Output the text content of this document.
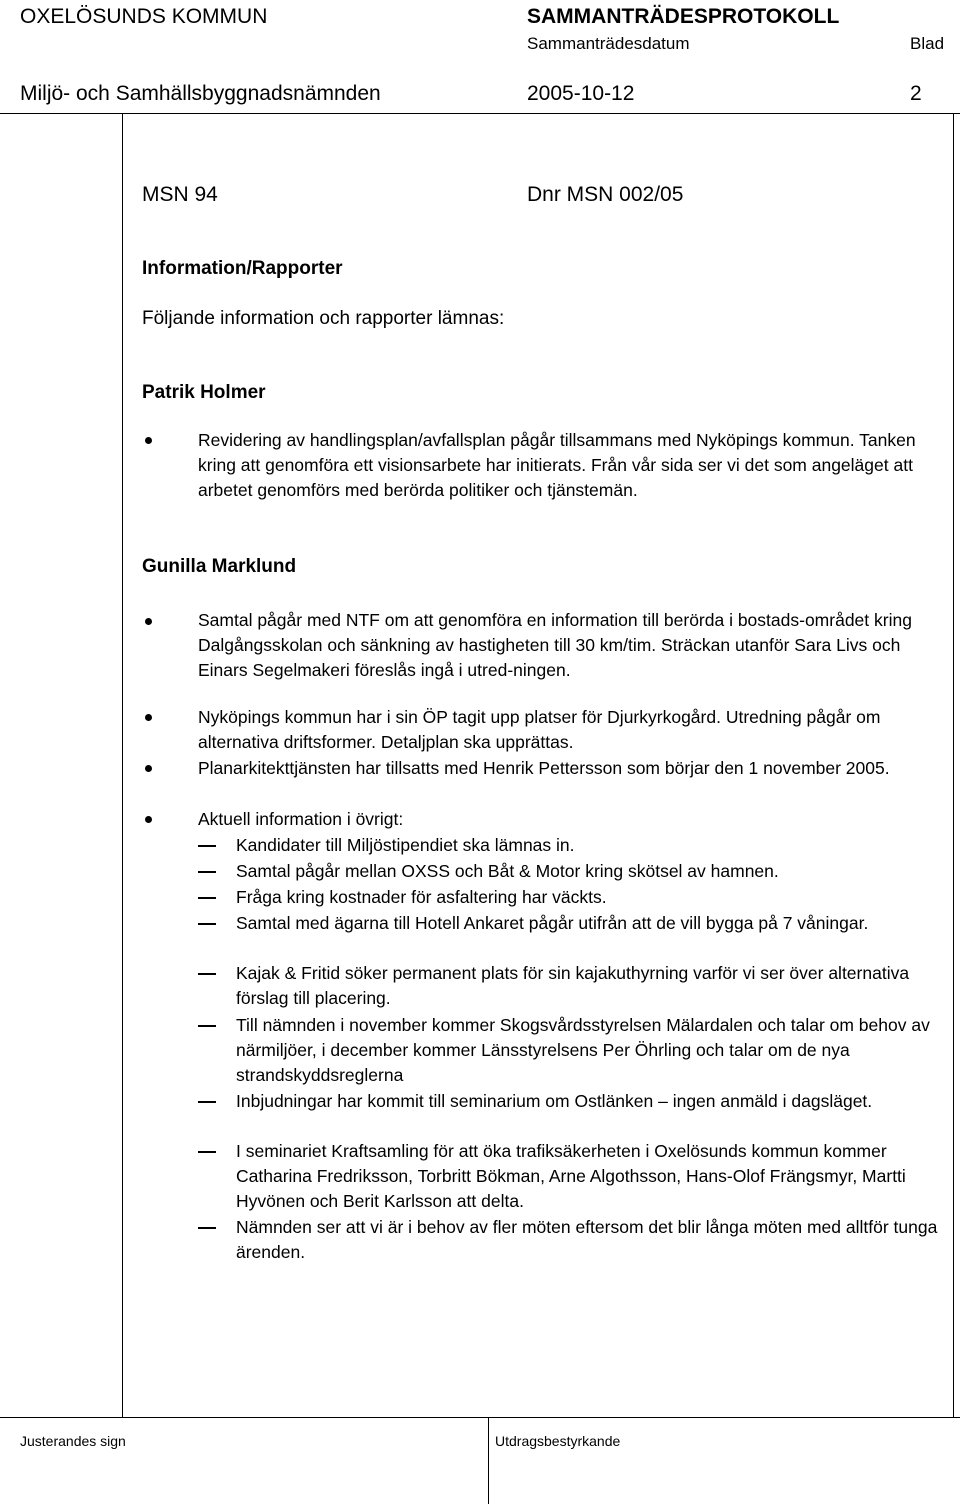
OXELÖSUNDS KOMMUN	SAMMANTRÄDESPROTOKOLL
Sammanträdesdatum	Blad
Miljö- och Samhällsbyggnadsnämnden	2005-10-12	2
MSN 94	Dnr MSN 002/05
Information/Rapporter
Följande information och rapporter lämnas:
Patrik Holmer
Revidering av handlingsplan/avfallsplan pågår tillsammans med Nyköpings kommun. Tanken kring att genomföra ett visionsarbete har initierats. Från vår sida ser vi det som angeläget att arbetet genomförs med berörda politiker och tjänstemän.
Gunilla Marklund
Samtal pågår med NTF om att genomföra en information till berörda i bostads-området kring Dalgångsskolan och sänkning av hastigheten till 30 km/tim. Sträckan utanför Sara Livs och Einars Segelmakeri föreslås ingå i utred-ningen.
Nyköpings kommun har i sin ÖP tagit upp platser för Djurkyrkogård. Utredning pågår om alternativa driftsformer. Detaljplan ska upprättas.
Planarkitekttjänsten har tillsatts med Henrik Pettersson som börjar den 1 november 2005.
Aktuell information i övrigt:
Kandidater till Miljöstipendiet ska lämnas in.
Samtal pågår mellan OXSS och Båt & Motor kring skötsel av hamnen.
Fråga kring kostnader för asfaltering har väckts.
Samtal med ägarna till Hotell Ankaret pågår utifrån att de vill bygga på 7 våningar.
Kajak & Fritid söker permanent plats för sin kajakuthyrning varför vi ser över alternativa förslag till placering.
Till nämnden i november kommer Skogsvårdsstyrelsen Mälardalen och talar om behov av närmiljöer, i december kommer Länsstyrelsens Per Öhrling och talar om de nya strandskyddsreglerna
Inbjudningar har kommit till seminarium om Ostlänken – ingen anmäld i dagsläget.
I seminariet Kraftsamling för att öka trafiksäkerheten i Oxelösunds kommun kommer Catharina Fredriksson, Torbritt Bökman, Arne Algothsson, Hans-Olof Frängsmyr, Martti Hyvönen och Berit Karlsson att delta.
Nämnden ser att vi är i behov av fler möten eftersom det blir långa möten med alltför tunga ärenden.
Justerandes sign	Utdragsbestyrkande
